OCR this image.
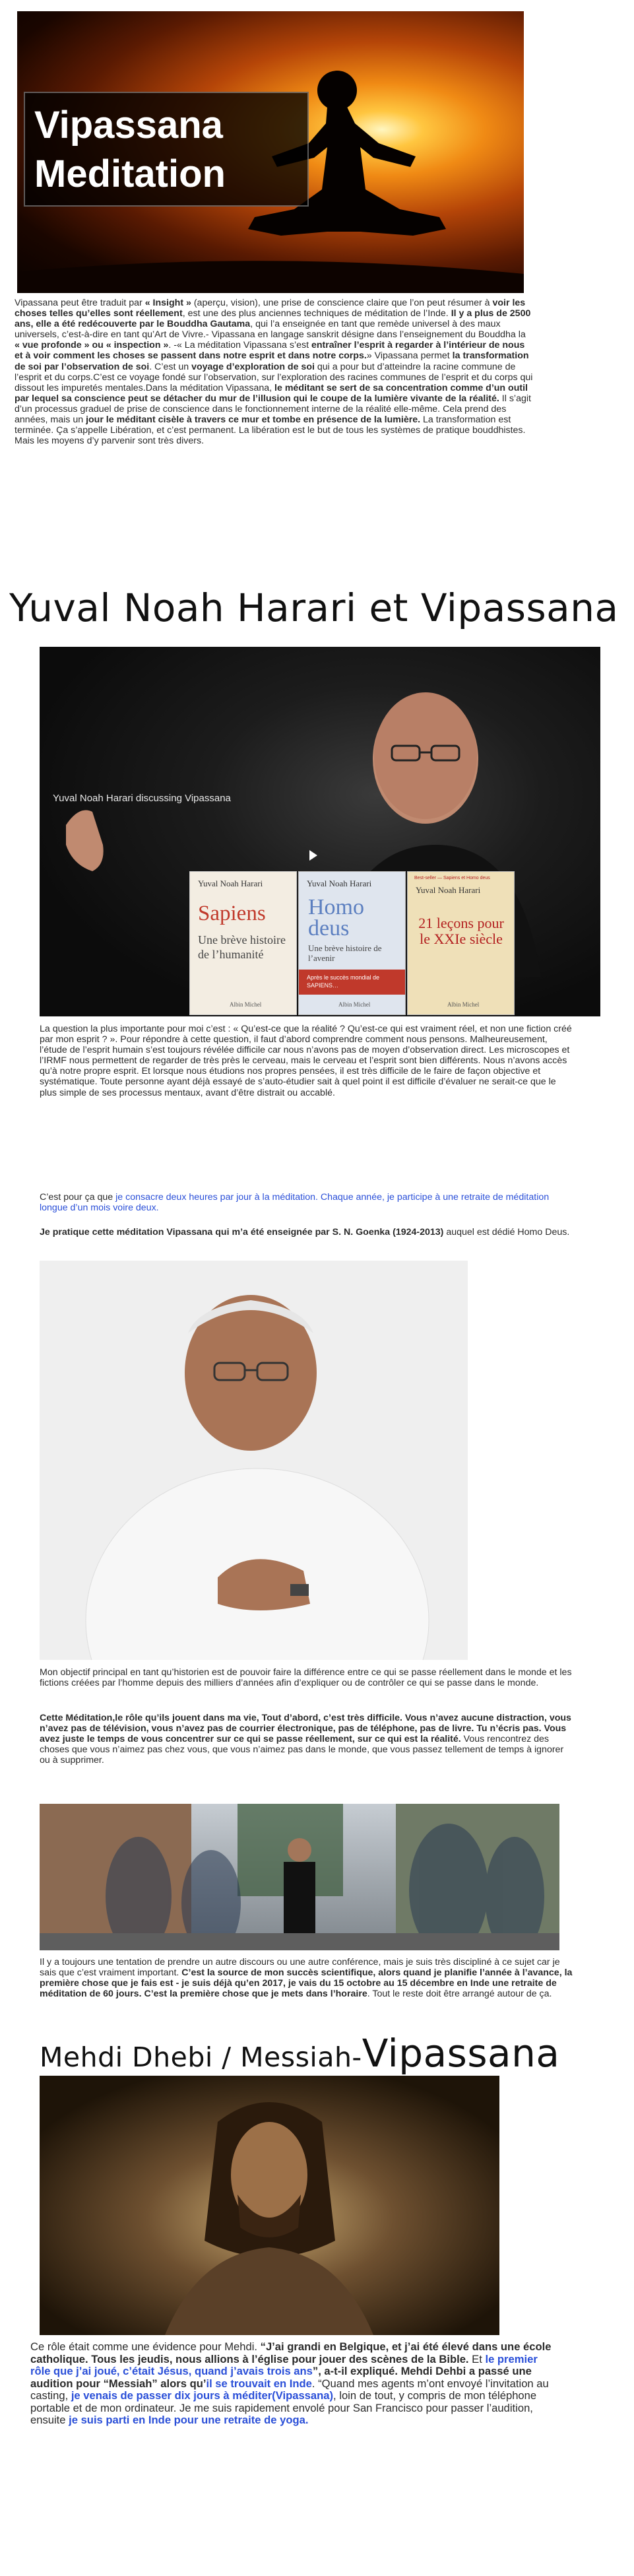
Vipassana
Meditation
Vipassana peut être traduit par « Insight » (aperçu, vision), une prise de conscience claire que l’on peut résumer à voir les choses telles qu’elles sont réellement, est une des plus anciennes techniques de méditation de l’Inde. Il y a plus de 2500 ans, elle a été redécouverte par le Bouddha Gautama, qui l’a enseignée en tant que remède universel à des maux universels, c’est-à-dire en tant qu’Art de Vivre.- Vipassana en langage sanskrit désigne dans l’enseignement du Bouddha la « vue profonde » ou « inspection ». -« La méditation Vipassana s’est entraîner l’esprit à regarder à l’intérieur de nous et à voir comment les choses se passent dans notre esprit et dans notre corps.» Vipassana permet la transformation de soi par l’observation de soi. C’est un voyage d’exploration de soi qui a pour but d’atteindre la racine commune de l’esprit et du corps.C’est ce voyage fondé sur l’observation, sur l’exploration des racines communes de l’esprit et du corps qui dissout les impuretés mentales.Dans la méditation Vipassana, le méditant se sert de sa concentration comme d’un outil par lequel sa conscience peut se détacher du mur de l’illusion qui le coupe de la lumière vivante de la réalité. Il s’agit d’un processus graduel de prise de conscience dans le fonctionnement interne de la réalité elle-même. Cela prend des années, mais un jour le méditant cisèle à travers ce mur et tombe en présence de la lumière. La transformation est terminée. Ça s’appelle Libération, et c’est permanent. La libération est le but de tous les systèmes de pratique bouddhistes. Mais les moyens d’y parvenir sont très divers.
Yuval Noah Harari et Vipassana
Yuval Noah Harari discussing Vipassana
Yuval Noah Harari
Sapiens
Une brève histoire de l’humanité
Albin Michel
Yuval Noah Harari
Homo deus
Une brève histoire de l’avenir
Après le succès mondial de SAPIENS…
Albin Michel
Best-seller — Sapiens et Homo deus
Yuval Noah Harari
21 leçons pour le XXIe siècle
Albin Michel
La question la plus importante pour moi c’est : « Qu’est-ce que la réalité ? Qu’est-ce qui est vraiment réel, et non une fiction créé par mon esprit ? ». Pour répondre à cette question, il faut d’abord comprendre comment nous pensons. Malheureusement, l’étude de l’esprit humain s’est toujours révélée difficile car nous n’avons pas de moyen d’observation direct. Les microscopes et l’IRMF nous permettent de regarder de très près le cerveau, mais le cerveau et l’esprit sont bien différents. Nous n’avons accès qu’à notre propre esprit. Et lorsque nous étudions nos propres pensées, il est très difficile de le faire de façon objective et systématique. Toute personne ayant déjà essayé de s’auto-étudier sait à quel point il est difficile d’évaluer ne serait-ce que le plus simple de ses processus mentaux, avant d’être distrait ou accablé.
C’est pour ça que je consacre deux heures par jour à la méditation. Chaque année, je participe à une retraite de méditation longue d’un mois voire deux.
Je pratique cette méditation Vipassana qui m’a été enseignée par S. N. Goenka (1924-2013) auquel est dédié Homo Deus.
Mon objectif principal en tant qu’historien est de pouvoir faire la différence entre ce qui se passe réellement dans le monde et les fictions créées par l’homme depuis des milliers d’années afin d’expliquer ou de contrôler ce qui se passe dans le monde.
Cette Méditation,le rôle qu’ils jouent dans ma vie, Tout d’abord, c’est très difficile. Vous n’avez aucune distraction, vous n’avez pas de télévision, vous n’avez pas de courrier électronique, pas de téléphone, pas de livre. Tu n’écris pas. Vous avez juste le temps de vous concentrer sur ce qui se passe réellement, sur ce qui est la réalité. Vous rencontrez des choses que vous n’aimez pas chez vous, que vous n’aimez pas dans le monde, que vous passez tellement de temps à ignorer ou à supprimer.
Il y a toujours une tentation de prendre un autre discours ou une autre conférence, mais je suis très discipliné à ce sujet car je sais que c’est vraiment important. C’est la source de mon succès scientifique, alors quand je planifie l’année à l’avance, la première chose que je fais est - je suis déjà qu’en 2017, je vais du 15 octobre au 15 décembre en Inde une retraite de méditation de 60 jours. C’est la première chose que je mets dans l’horaire. Tout le reste doit être arrangé autour de ça.
Mehdi Dhebi / Messiah-Vipassana
Ce rôle était comme une évidence pour Mehdi. “J’ai grandi en Belgique, et j’ai été élevé dans une école catholique. Tous les jeudis, nous allions à l’église pour jouer des scènes de la Bible. Et le premier rôle que j’ai joué, c’était Jésus, quand j’avais trois ans”, a-t-il expliqué. Mehdi Dehbi a passé une audition pour “Messiah” alors qu’il se trouvait en Inde. “Quand mes agents m’ont envoyé l’invitation au casting, je venais de passer dix jours à méditer(Vipassana), loin de tout, y compris de mon téléphone portable et de mon ordinateur. Je me suis rapidement envolé pour San Francisco pour passer l’audition, ensuite je suis parti en Inde pour une retraite de yoga.
